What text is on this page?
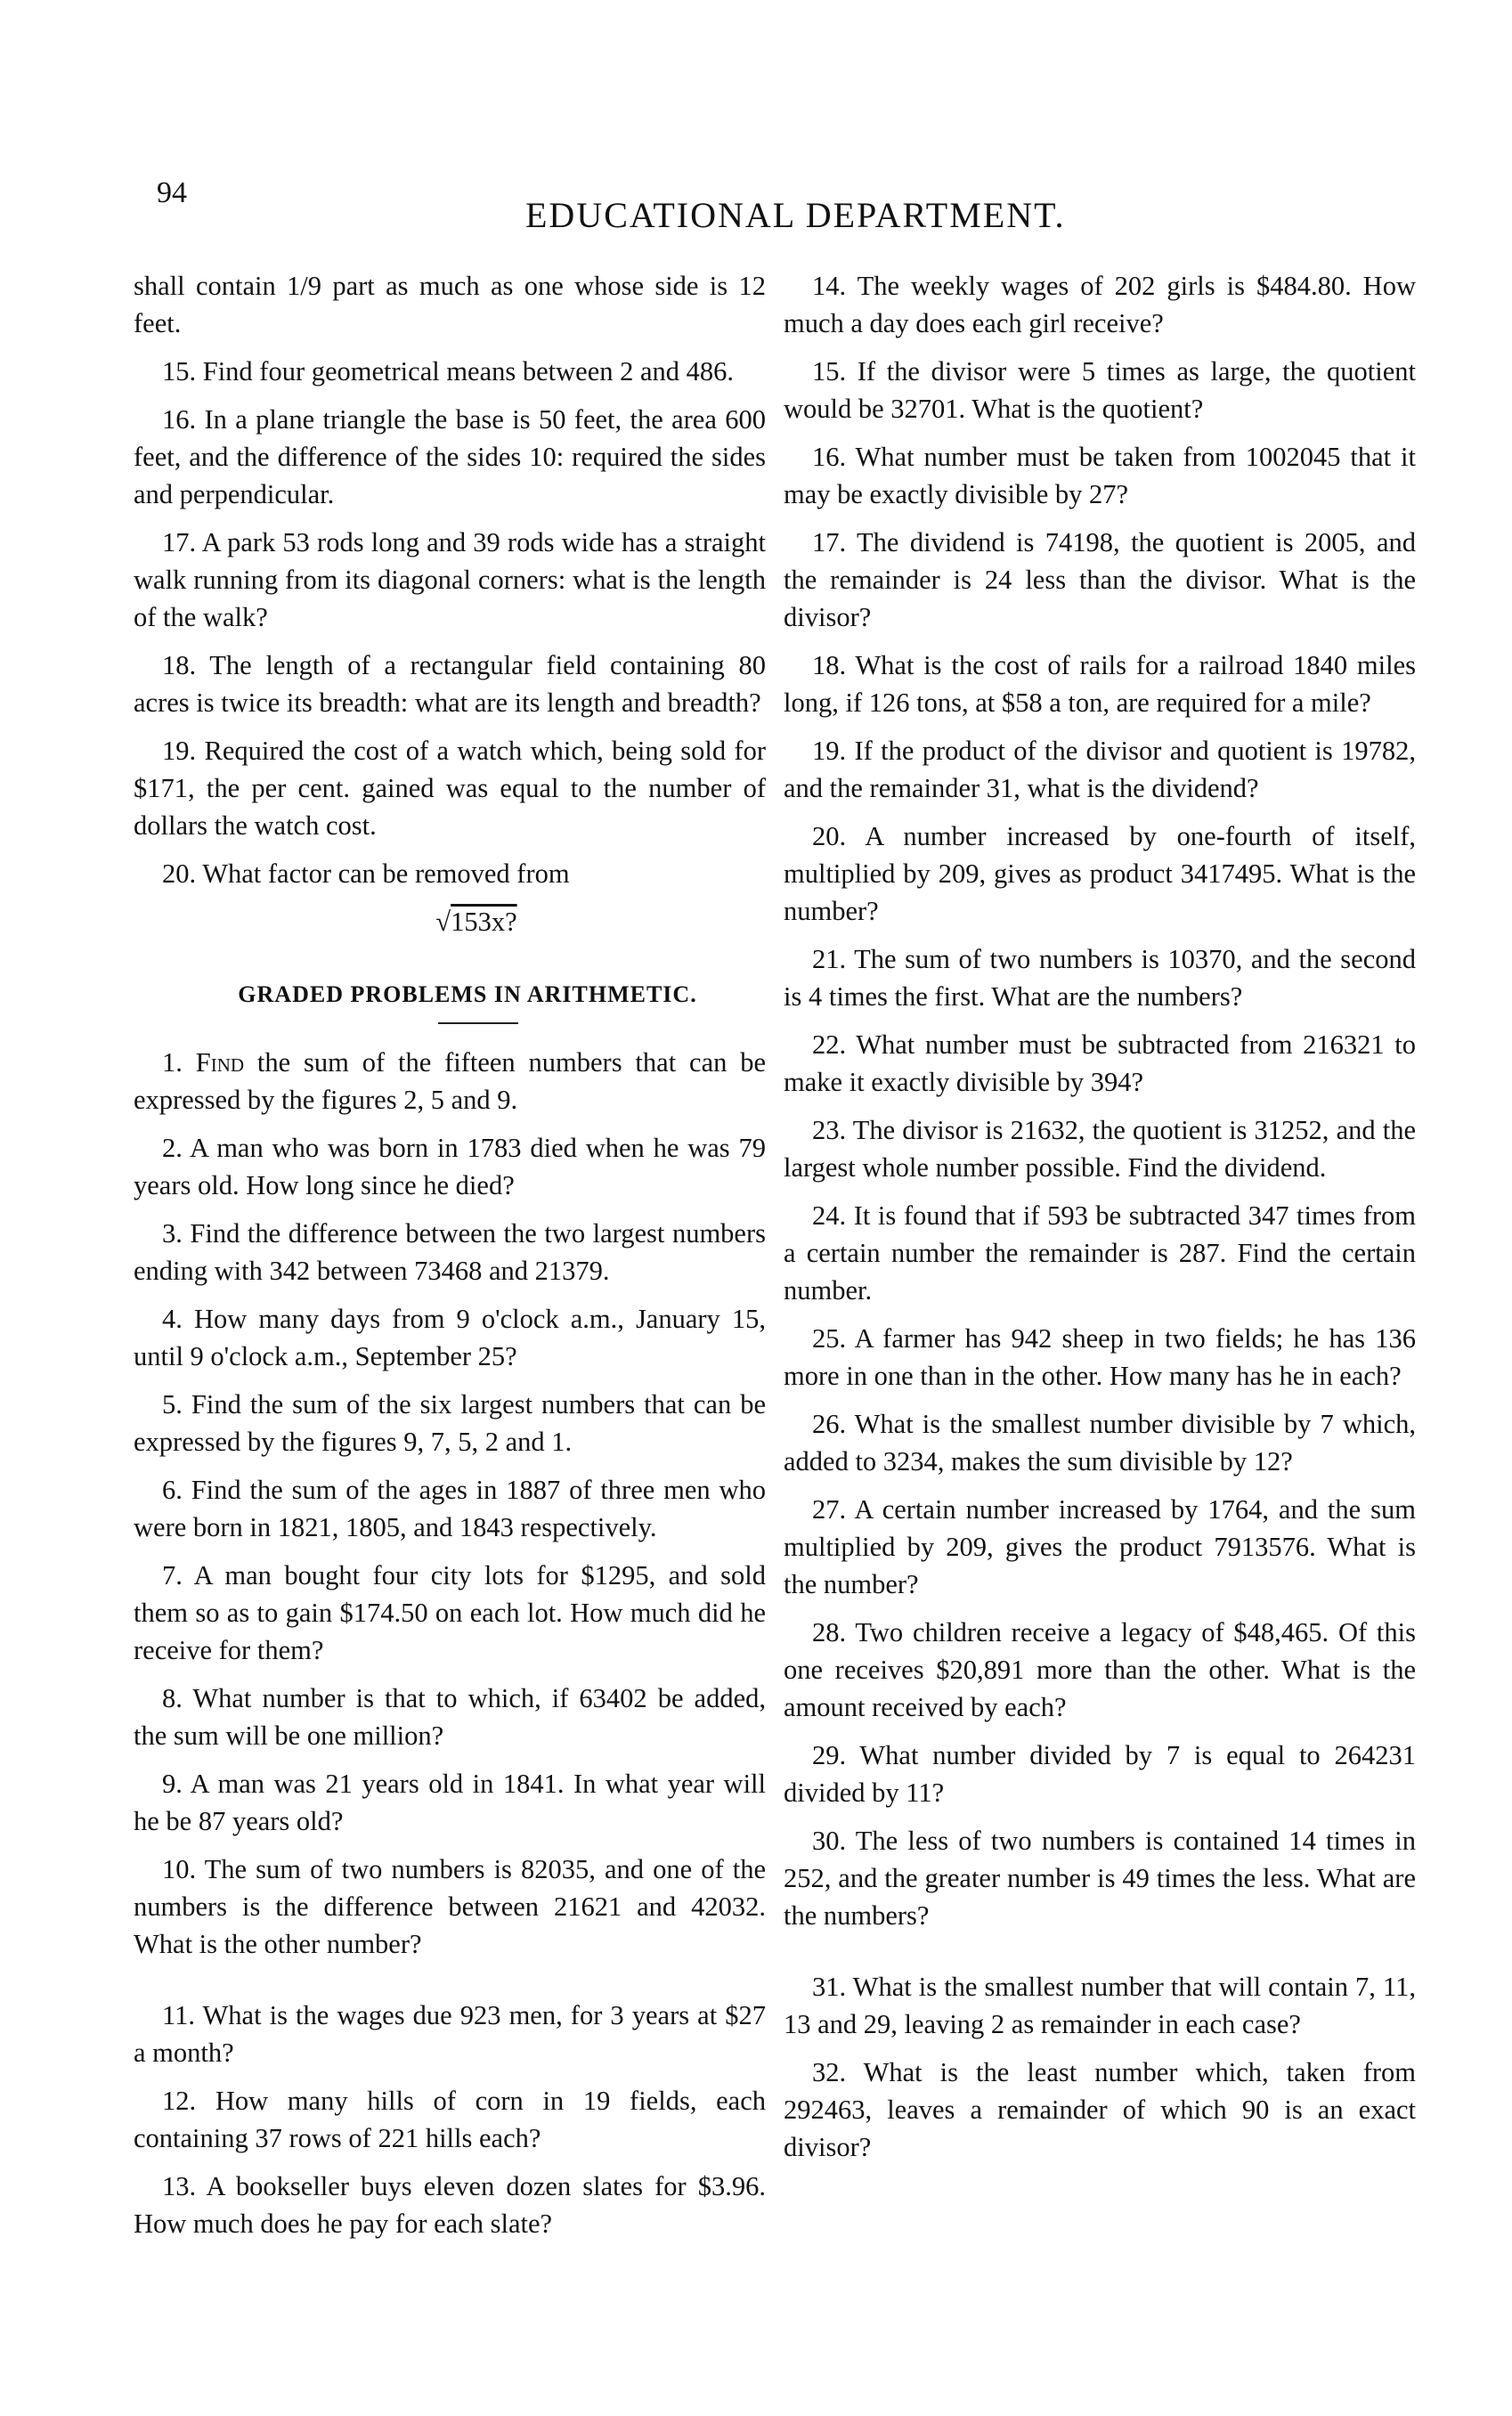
94
EDUCATIONAL DEPARTMENT.

shall contain 1/9 part as much as one whose side is 12 feet.

15. Find four geometrical means between 2 and 486.

16. In a plane triangle the base is 50 feet, the area 600 feet, and the difference of the sides 10: required the sides and perpendicular.

17. A park 53 rods long and 39 rods wide has a straight walk running from its diagonal corners: what is the length of the walk?

18. The length of a rectangular field containing 80 acres is twice its breadth: what are its length and breadth?

19. Required the cost of a watch which, being sold for $171, the per cent. gained was equal to the number of dollars the watch cost.

20. What factor can be removed from

√153x?
GRADED PROBLEMS IN ARITHMETIC.

1. Find the sum of the fifteen numbers that can be expressed by the figures 2, 5 and 9.

2. A man who was born in 1783 died when he was 79 years old. How long since he died?

3. Find the difference between the two largest numbers ending with 342 between 73468 and 21379.

4. How many days from 9 o'clock a.m., January 15, until 9 o'clock a.m., September 25?

5. Find the sum of the six largest numbers that can be expressed by the figures 9, 7, 5, 2 and 1.

6. Find the sum of the ages in 1887 of three men who were born in 1821, 1805, and 1843 respectively.

7. A man bought four city lots for $1295, and sold them so as to gain $174.50 on each lot. How much did he receive for them?

8. What number is that to which, if 63402 be added, the sum will be one million?

9. A man was 21 years old in 1841. In what year will he be 87 years old?

10. The sum of two numbers is 82035, and one of the numbers is the difference between 21621 and 42032. What is the other number?

11. What is the wages due 923 men, for 3 years at $27 a month?

12. How many hills of corn in 19 fields, each containing 37 rows of 221 hills each?

13. A bookseller buys eleven dozen slates for $3.96. How much does he pay for each slate?

14. The weekly wages of 202 girls is $484.80. How much a day does each girl receive?

15. If the divisor were 5 times as large, the quotient would be 32701. What is the quotient?

16. What number must be taken from 1002045 that it may be exactly divisible by 27?

17. The dividend is 74198, the quotient is 2005, and the remainder is 24 less than the divisor. What is the divisor?

18. What is the cost of rails for a railroad 1840 miles long, if 126 tons, at $58 a ton, are required for a mile?

19. If the product of the divisor and quotient is 19782, and the remainder 31, what is the dividend?

20. A number increased by one-fourth of itself, multiplied by 209, gives as product 3417495. What is the number?

21. The sum of two numbers is 10370, and the second is 4 times the first. What are the numbers?

22. What number must be subtracted from 216321 to make it exactly divisible by 394?

23. The divisor is 21632, the quotient is 31252, and the largest whole number possible. Find the dividend.

24. It is found that if 593 be subtracted 347 times from a certain number the remainder is 287. Find the certain number.

25. A farmer has 942 sheep in two fields; he has 136 more in one than in the other. How many has he in each?

26. What is the smallest number divisible by 7 which, added to 3234, makes the sum divisible by 12?

27. A certain number increased by 1764, and the sum multiplied by 209, gives the product 7913576. What is the number?

28. Two children receive a legacy of $48,465. Of this one receives $20,891 more than the other. What is the amount received by each?

29. What number divided by 7 is equal to 264231 divided by 11?

30. The less of two numbers is contained 14 times in 252, and the greater number is 49 times the less. What are the numbers?

31. What is the smallest number that will contain 7, 11, 13 and 29, leaving 2 as remainder in each case?

32. What is the least number which, taken from 292463, leaves a remainder of which 90 is an exact divisor?
